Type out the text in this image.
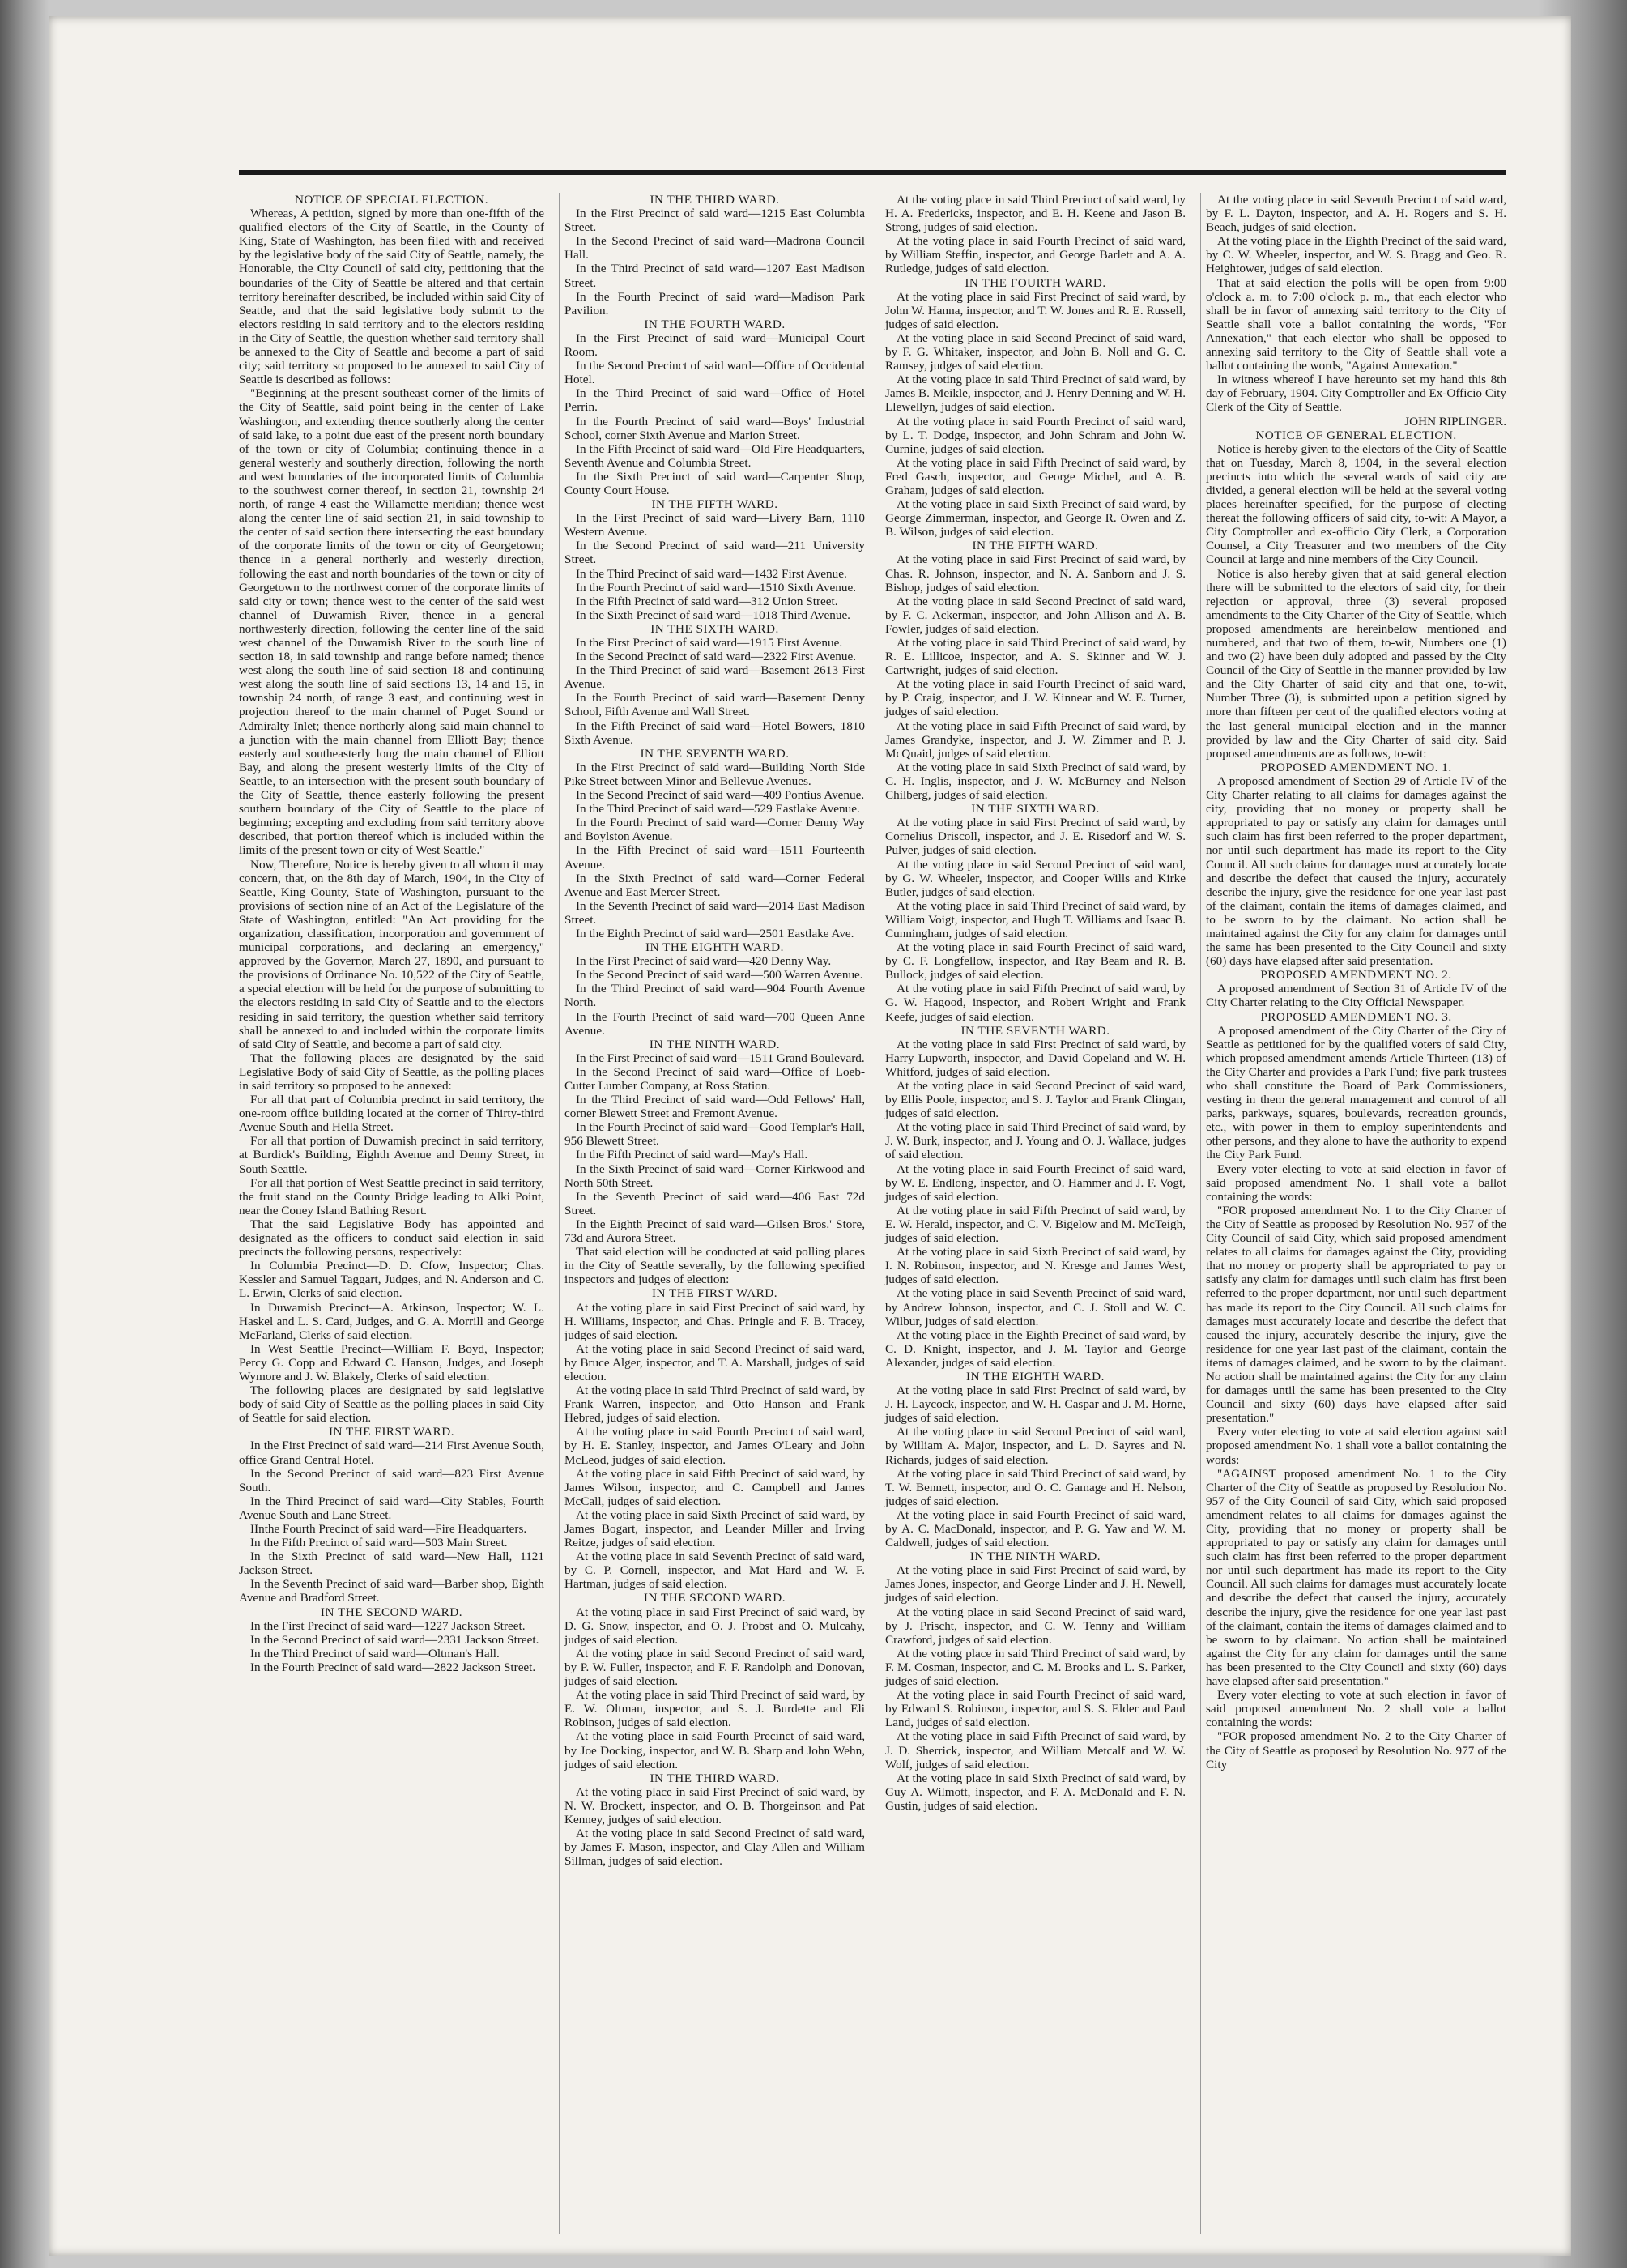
NOTICE OF SPECIAL ELECTION.

Whereas, A petition, signed by more than one-fifth of the qualified electors of the City of Seattle, in the County of King, State of Washington, has been filed with and received by the legislative body of the said City of Seattle, namely, the Honorable, the City Council of said city, petitioning that the boundaries of the City of Seattle be altered and that certain territory hereinafter described, be included within said City of Seattle, and that the said legislative body submit to the electors residing in said territory and to the electors residing in the City of Seattle, the question whether said territory shall be annexed to the City of Seattle and become a part of said city; said territory so proposed to be annexed to said City of Seattle is described as follows:

"Beginning at the present southeast corner of the limits of the City of Seattle, said point being in the center of Lake Washington, and extending thence southerly along the center of said lake, to a point due east of the present north boundary of the town or city of Columbia; continuing thence in a general westerly and southerly direction, following the north and west boundaries of the incorporated limits of Columbia to the southwest corner thereof, in section 21, township 24 north, of range 4 east the Willamette meridian; thence west along the center line of said section 21, in said township to the center of said section there intersecting the east boundary of the corporate limits of the town or city of Georgetown; thence in a general northerly and westerly direction, following the east and north boundaries of the town or city of Georgetown to the northwest corner of the corporate limits of said city or town; thence west to the center of the said west channel of Duwamish River, thence in a general northwesterly direction, following the center line of the said west channel of the Duwamish River to the south line of section 18, in said township and range before named; thence west along the south line of said section 18 and continuing west along the south line of said sections 13, 14 and 15, in township 24 north, of range 3 east, and continuing west in projection thereof to the main channel of Puget Sound or Admiralty Inlet; thence northerly along said main channel to a junction with the main channel from Elliott Bay; thence easterly and southeasterly long the main channel of Elliott Bay, and along the present westerly limits of the City of Seattle, to an intersection with the present south boundary of the City of Seattle, thence easterly following the present southern boundary of the City of Seattle to the place of beginning; excepting and excluding from said territory above described, that portion thereof which is included within the limits of the present town or city of West Seattle."

Now, Therefore, Notice is hereby given to all whom it may concern, that, on the 8th day of March, 1904, in the City of Seattle, King County, State of Washington, pursuant to the provisions of section nine of an Act of the Legislature of the State of Washington, entitled: "An Act providing for the organization, classification, incorporation and government of municipal corporations, and declaring an emergency," approved by the Governor, March 27, 1890, and pursuant to the provisions of Ordinance No. 10,522 of the City of Seattle, a special election will be held for the purpose of submitting to the electors residing in said City of Seattle and to the electors residing in said territory, the question whether said territory shall be annexed to and included within the corporate limits of said City of Seattle, and become a part of said city.

That the following places are designated by the said Legislative Body of said City of Seattle, as the polling places in said territory so proposed to be annexed:

For all that part of Columbia precinct in said territory, the one-room office building located at the corner of Thirty-third Avenue South and Hella Street.

For all that portion of Duwamish precinct in said territory, at Burdick's Building, Eighth Avenue and Denny Street, in South Seattle.

For all that portion of West Seattle precinct in said territory, the fruit stand on the County Bridge leading to Alki Point, near the Coney Island Bathing Resort.

That the said Legislative Body has appointed and designated as the officers to conduct said election in said precincts the following persons, respectively:

In Columbia Precinct—D. D. Cfow, Inspector; Chas. Kessler and Samuel Taggart, Judges, and N. Anderson and C. L. Erwin, Clerks of said election.

In Duwamish Precinct—A. Atkinson, Inspector; W. L. Haskel and L. S. Card, Judges, and G. A. Morrill and George McFarland, Clerks of said election.

In West Seattle Precinct—William F. Boyd, Inspector; Percy G. Copp and Edward C. Hanson, Judges, and Joseph Wymore and J. W. Blakely, Clerks of said election.

The following places are designated by said legislative body of said City of Seattle as the polling places in said City of Seattle for said election.

IN THE FIRST WARD.

In the First Precinct of said ward—214 First Avenue South, office Grand Central Hotel.

In the Second Precinct of said ward—823 First Avenue South.

In the Third Precinct of said ward—City Stables, Fourth Avenue South and Lane Street.

IInthe Fourth Precinct of said ward—Fire Headquarters.

In the Fifth Precinct of said ward—503 Main Street.

In the Sixth Precinct of said ward—New Hall, 1121 Jackson Street.

In the Seventh Precinct of said ward—Barber shop, Eighth Avenue and Bradford Street.

IN THE SECOND WARD.

In the First Precinct of said ward—1227 Jackson Street.

In the Second Precinct of said ward—2331 Jackson Street.

In the Third Precinct of said ward—Oltman's Hall.

In the Fourth Precinct of said ward—2822 Jackson Street.

IN THE THIRD WARD.

In the First Precinct of said ward—1215 East Columbia Street.

In the Second Precinct of said ward—Madrona Council Hall.

In the Third Precinct of said ward—1207 East Madison Street.

In the Fourth Precinct of said ward—Madison Park Pavilion.

IN THE FOURTH WARD.

In the First Precinct of said ward—Municipal Court Room.

In the Second Precinct of said ward—Office of Occidental Hotel.

In the Third Precinct of said ward—Office of Hotel Perrin.

In the Fourth Precinct of said ward—Boys' Industrial School, corner Sixth Avenue and Marion Street.

In the Fifth Precinct of said ward—Old Fire Headquarters, Seventh Avenue and Columbia Street.

In the Sixth Precinct of said ward—Carpenter Shop, County Court House.

IN THE FIFTH WARD.

In the First Precinct of said ward—Livery Barn, 1110 Western Avenue.

In the Second Precinct of said ward—211 University Street.

In the Third Precinct of said ward—1432 First Avenue.

In the Fourth Precinct of said ward—1510 Sixth Avenue.

In the Fifth Precinct of said ward—312 Union Street.

In the Sixth Precinct of said ward—1018 Third Avenue.

IN THE SIXTH WARD.

In the First Precinct of said ward—1915 First Avenue.

In the Second Precinct of said ward—2322 First Avenue.

In the Third Precinct of said ward—Basement 2613 First Avenue.

In the Fourth Precinct of said ward—Basement Denny School, Fifth Avenue and Wall Street.

In the Fifth Precinct of said ward—Hotel Bowers, 1810 Sixth Avenue.

IN THE SEVENTH WARD.

In the First Precinct of said ward—Building North Side Pike Street between Minor and Bellevue Avenues.

In the Second Precinct of said ward—409 Pontius Avenue.

In the Third Precinct of said ward—529 Eastlake Avenue.

In the Fourth Precinct of said ward—Corner Denny Way and Boylston Avenue.

In the Fifth Precinct of said ward—1511 Fourteenth Avenue.

In the Sixth Precinct of said ward—Corner Federal Avenue and East Mercer Street.

In the Seventh Precinct of said ward—2014 East Madison Street.

In the Eighth Precinct of said ward—2501 Eastlake Ave.

IN THE EIGHTH WARD.

In the First Precinct of said ward—420 Denny Way.

In the Second Precinct of said ward—500 Warren Avenue.

In the Third Precinct of said ward—904 Fourth Avenue North.

In the Fourth Precinct of said ward—700 Queen Anne Avenue.

IN THE NINTH WARD.

In the First Precinct of said ward—1511 Grand Boulevard.

In the Second Precinct of said ward—Office of Loeb-Cutter Lumber Company, at Ross Station.

In the Third Precinct of said ward—Odd Fellows' Hall, corner Blewett Street and Fremont Avenue.

In the Fourth Precinct of said ward—Good Templar's Hall, 956 Blewett Street.

In the Fifth Precinct of said ward—May's Hall.

In the Sixth Precinct of said ward—Corner Kirkwood and North 50th Street.

In the Seventh Precinct of said ward—406 East 72d Street.

In the Eighth Precinct of said ward—Gilsen Bros.' Store, 73d and Aurora Street.

That said election will be conducted at said polling places in the City of Seattle severally, by the following specified inspectors and judges of election:

IN THE FIRST WARD.

At the voting place in said First Precinct of said ward, by H. Williams, inspector, and Chas. Pringle and F. B. Tracey, judges of said election.

At the voting place in said Second Precinct of said ward, by Bruce Alger, inspector, and T. A. Marshall, judges of said election.

At the voting place in said Third Precinct of said ward, by Frank Warren, inspector, and Otto Hanson and Frank Hebred, judges of said election.

At the voting place in said Fourth Precinct of said ward, by H. E. Stanley, inspector, and James O'Leary and John McLeod, judges of said election.

At the voting place in said Fifth Precinct of said ward, by James Wilson, inspector, and C. Campbell and James McCall, judges of said election.

At the voting place in said Sixth Precinct of said ward, by James Bogart, inspector, and Leander Miller and Irving Reitze, judges of said election.

At the voting place in said Seventh Precinct of said ward, by C. P. Cornell, inspector, and Mat Hard and W. F. Hartman, judges of said election.

IN THE SECOND WARD.

At the voting place in said First Precinct of said ward, by D. G. Snow, inspector, and O. J. Probst and O. Mulcahy, judges of said election.

At the voting place in said Second Precinct of said ward, by P. W. Fuller, inspector, and F. F. Randolph and Donovan, judges of said election.

At the voting place in said Third Precinct of said ward, by E. W. Oltman, inspector, and S. J. Burdette and Eli Robinson, judges of said election.

At the voting place in said Fourth Precinct of said ward, by Joe Docking, inspector, and W. B. Sharp and John Wehn, judges of said election.

IN THE THIRD WARD.

At the voting place in said First Precinct of said ward, by N. W. Brockett, inspector, and O. B. Thorgeinson and Pat Kenney, judges of said election.

At the voting place in said Second Precinct of said ward, by James F. Mason, inspector, and Clay Allen and William Sillman, judges of said election.

At the voting place in said Third Precinct of said ward, by H. A. Fredericks, inspector, and E. H. Keene and Jason B. Strong, judges of said election.

At the voting place in said Fourth Precinct of said ward, by William Steffin, inspector, and George Barlett and A. A. Rutledge, judges of said election.

IN THE FOURTH WARD.

At the voting place in said First Precinct of said ward, by John W. Hanna, inspector, and T. W. Jones and R. E. Russell, judges of said election.

At the voting place in said Second Precinct of said ward, by F. G. Whitaker, inspector, and John B. Noll and G. C. Ramsey, judges of said election.

At the voting place in said Third Precinct of said ward, by James B. Meikle, inspector, and J. Henry Denning and W. H. Llewellyn, judges of said election.

At the voting place in said Fourth Precinct of said ward, by L. T. Dodge, inspector, and John Schram and John W. Curnine, judges of said election.

At the voting place in said Fifth Precinct of said ward, by Fred Gasch, inspector, and George Michel, and A. B. Graham, judges of said election.

At the voting place in said Sixth Precinct of said ward, by George Zimmerman, inspector, and George R. Owen and Z. B. Wilson, judges of said election.

IN THE FIFTH WARD.

At the voting place in said First Precinct of said ward, by Chas. R. Johnson, inspector, and N. A. Sanborn and J. S. Bishop, judges of said election.

At the voting place in said Second Precinct of said ward, by F. C. Ackerman, inspector, and John Allison and A. B. Fowler, judges of said election.

At the voting place in said Third Precinct of said ward, by R. E. Lillicoe, inspector, and A. S. Skinner and W. J. Cartwright, judges of said election.

At the voting place in said Fourth Precinct of said ward, by P. Craig, inspector, and J. W. Kinnear and W. E. Turner, judges of said election.

At the voting place in said Fifth Precinct of said ward, by James Grandyke, inspector, and J. W. Zimmer and P. J. McQuaid, judges of said election.

At the voting place in said Sixth Precinct of said ward, by C. H. Inglis, inspector, and J. W. McBurney and Nelson Chilberg, judges of said election.

IN THE SIXTH WARD.

At the voting place in said First Precinct of said ward, by Cornelius Driscoll, inspector, and J. E. Risedorf and W. S. Pulver, judges of said election.

At the voting place in said Second Precinct of said ward, by G. W. Wheeler, inspector, and Cooper Wills and Kirke Butler, judges of said election.

At the voting place in said Third Precinct of said ward, by William Voigt, inspector, and Hugh T. Williams and Isaac B. Cunningham, judges of said election.

At the voting place in said Fourth Precinct of said ward, by C. F. Longfellow, inspector, and Ray Beam and R. B. Bullock, judges of said election.

At the voting place in said Fifth Precinct of said ward, by G. W. Hagood, inspector, and Robert Wright and Frank Keefe, judges of said election.

IN THE SEVENTH WARD.

At the voting place in said First Precinct of said ward, by Harry Lupworth, inspector, and David Copeland and W. H. Whitford, judges of said election.

At the voting place in said Second Precinct of said ward, by Ellis Poole, inspector, and S. J. Taylor and Frank Clingan, judges of said election.

At the voting place in said Third Precinct of said ward, by J. W. Burk, inspector, and J. Young and O. J. Wallace, judges of said election.

At the voting place in said Fourth Precinct of said ward, by W. E. Endlong, inspector, and O. Hammer and J. F. Vogt, judges of said election.

At the voting place in said Fifth Precinct of said ward, by E. W. Herald, inspector, and C. V. Bigelow and M. McTeigh, judges of said election.

At the voting place in said Sixth Precinct of said ward, by I. N. Robinson, inspector, and N. Kresge and James West, judges of said election.

At the voting place in said Seventh Precinct of said ward, by Andrew Johnson, inspector, and C. J. Stoll and W. C. Wilbur, judges of said election.

At the voting place in the Eighth Precinct of said ward, by C. D. Knight, inspector, and J. M. Taylor and George Alexander, judges of said election.

IN THE EIGHTH WARD.

At the voting place in said First Precinct of said ward, by J. H. Laycock, inspector, and W. H. Caspar and J. M. Horne, judges of said election.

At the voting place in said Second Precinct of said ward, by William A. Major, inspector, and L. D. Sayres and N. Richards, judges of said election.

At the voting place in said Third Precinct of said ward, by T. W. Bennett, inspector, and O. C. Gamage and H. Nelson, judges of said election.

At the voting place in said Fourth Precinct of said ward, by A. C. MacDonald, inspector, and P. G. Yaw and W. M. Caldwell, judges of said election.

IN THE NINTH WARD.

At the voting place in said First Precinct of said ward, by James Jones, inspector, and George Linder and J. H. Newell, judges of said election.

At the voting place in said Second Precinct of said ward, by J. Prischt, inspector, and C. W. Tenny and William Crawford, judges of said election.

At the voting place in said Third Precinct of said ward, by F. M. Cosman, inspector, and C. M. Brooks and L. S. Parker, judges of said election.

At the voting place in said Fourth Precinct of said ward, by Edward S. Robinson, inspector, and S. S. Elder and Paul Land, judges of said election.

At the voting place in said Fifth Precinct of said ward, by J. D. Sherrick, inspector, and William Metcalf and W. W. Wolf, judges of said election.

At the voting place in said Sixth Precinct of said ward, by Guy A. Wilmott, inspector, and F. A. McDonald and F. N. Gustin, judges of said election.

At the voting place in said Seventh Precinct of said ward, by F. L. Dayton, inspector, and A. H. Rogers and S. H. Beach, judges of said election.

At the voting place in the Eighth Precinct of the said ward, by C. W. Wheeler, inspector, and W. S. Bragg and Geo. R. Heightower, judges of said election.

That at said election the polls will be open from 9:00 o'clock a. m. to 7:00 o'clock p. m., that each elector who shall be in favor of annexing said territory to the City of Seattle shall vote a ballot containing the words, "For Annexation," that each elector who shall be opposed to annexing said territory to the City of Seattle shall vote a ballot containing the words, "Against Annexation."

In witness whereof I have hereunto set my hand this 8th day of February, 1904. City Comptroller and Ex-Officio City Clerk of the City of Seattle.

JOHN RIPLINGER.

NOTICE OF GENERAL ELECTION.

Notice is hereby given to the electors of the City of Seattle that on Tuesday, March 8, 1904, in the several election precincts into which the several wards of said city are divided, a general election will be held at the several voting places hereinafter specified, for the purpose of electing thereat the following officers of said city, to-wit: A Mayor, a City Comptroller and ex-officio City Clerk, a Corporation Counsel, a City Treasurer and two members of the City Council at large and nine members of the City Council.

Notice is also hereby given that at said general election there will be submitted to the electors of said city, for their rejection or approval, three (3) several proposed amendments to the City Charter of the City of Seattle, which proposed amendments are hereinbelow mentioned and numbered, and that two of them, to-wit, Numbers one (1) and two (2) have been duly adopted and passed by the City Council of the City of Seattle in the manner provided by law and the City Charter of said city and that one, to-wit, Number Three (3), is submitted upon a petition signed by more than fifteen per cent of the qualified electors voting at the last general municipal election and in the manner provided by law and the City Charter of said city. Said proposed amendments are as follows, to-wit:

PROPOSED AMENDMENT NO. 1.

A proposed amendment of Section 29 of Article IV of the City Charter relating to all claims for damages against the city, providing that no money or property shall be appropriated to pay or satisfy any claim for damages until such claim has first been referred to the proper department, nor until such department has made its report to the City Council. All such claims for damages must accurately locate and describe the defect that caused the injury, accurately describe the injury, give the residence for one year last past of the claimant, contain the items of damages claimed, and to be sworn to by the claimant. No action shall be maintained against the City for any claim for damages until the same has been presented to the City Council and sixty (60) days have elapsed after said presentation.

PROPOSED AMENDMENT NO. 2.

A proposed amendment of Section 31 of Article IV of the City Charter relating to the City Official Newspaper.

PROPOSED AMENDMENT NO. 3.

A proposed amendment of the City Charter of the City of Seattle as petitioned for by the qualified voters of said City, which proposed amendment amends Article Thirteen (13) of the City Charter and provides a Park Fund; five park trustees who shall constitute the Board of Park Commissioners, vesting in them the general management and control of all parks, parkways, squares, boulevards, recreation grounds, etc., with power in them to employ superintendents and other persons, and they alone to have the authority to expend the City Park Fund.

Every voter electing to vote at said election in favor of said proposed amendment No. 1 shall vote a ballot containing the words:

"FOR proposed amendment No. 1 to the City Charter of the City of Seattle as proposed by Resolution No. 957 of the City Council of said City, which said proposed amendment relates to all claims for damages against the City, providing that no money or property shall be appropriated to pay or satisfy any claim for damages until such claim has first been referred to the proper department, nor until such department has made its report to the City Council. All such claims for damages must accurately locate and describe the defect that caused the injury, accurately describe the injury, give the residence for one year last past of the claimant, contain the items of damages claimed, and be sworn to by the claimant. No action shall be maintained against the City for any claim for damages until the same has been presented to the City Council and sixty (60) days have elapsed after said presentation."

Every voter electing to vote at said election against said proposed amendment No. 1 shall vote a ballot containing the words:

"AGAINST proposed amendment No. 1 to the City Charter of the City of Seattle as proposed by Resolution No. 957 of the City Council of said City, which said proposed amendment relates to all claims for damages against the City, providing that no money or property shall be appropriated to pay or satisfy any claim for damages until such claim has first been referred to the proper department nor until such department has made its report to the City Council. All such claims for damages must accurately locate and describe the defect that caused the injury, accurately describe the injury, give the residence for one year last past of the claimant, contain the items of damages claimed and to be sworn to by claimant. No action shall be maintained against the City for any claim for damages until the same has been presented to the City Council and sixty (60) days have elapsed after said presentation."

Every voter electing to vote at such election in favor of said proposed amendment No. 2 shall vote a ballot containing the words:

"FOR proposed amendment No. 2 to the City Charter of the City of Seattle as proposed by Resolution No. 977 of the City
